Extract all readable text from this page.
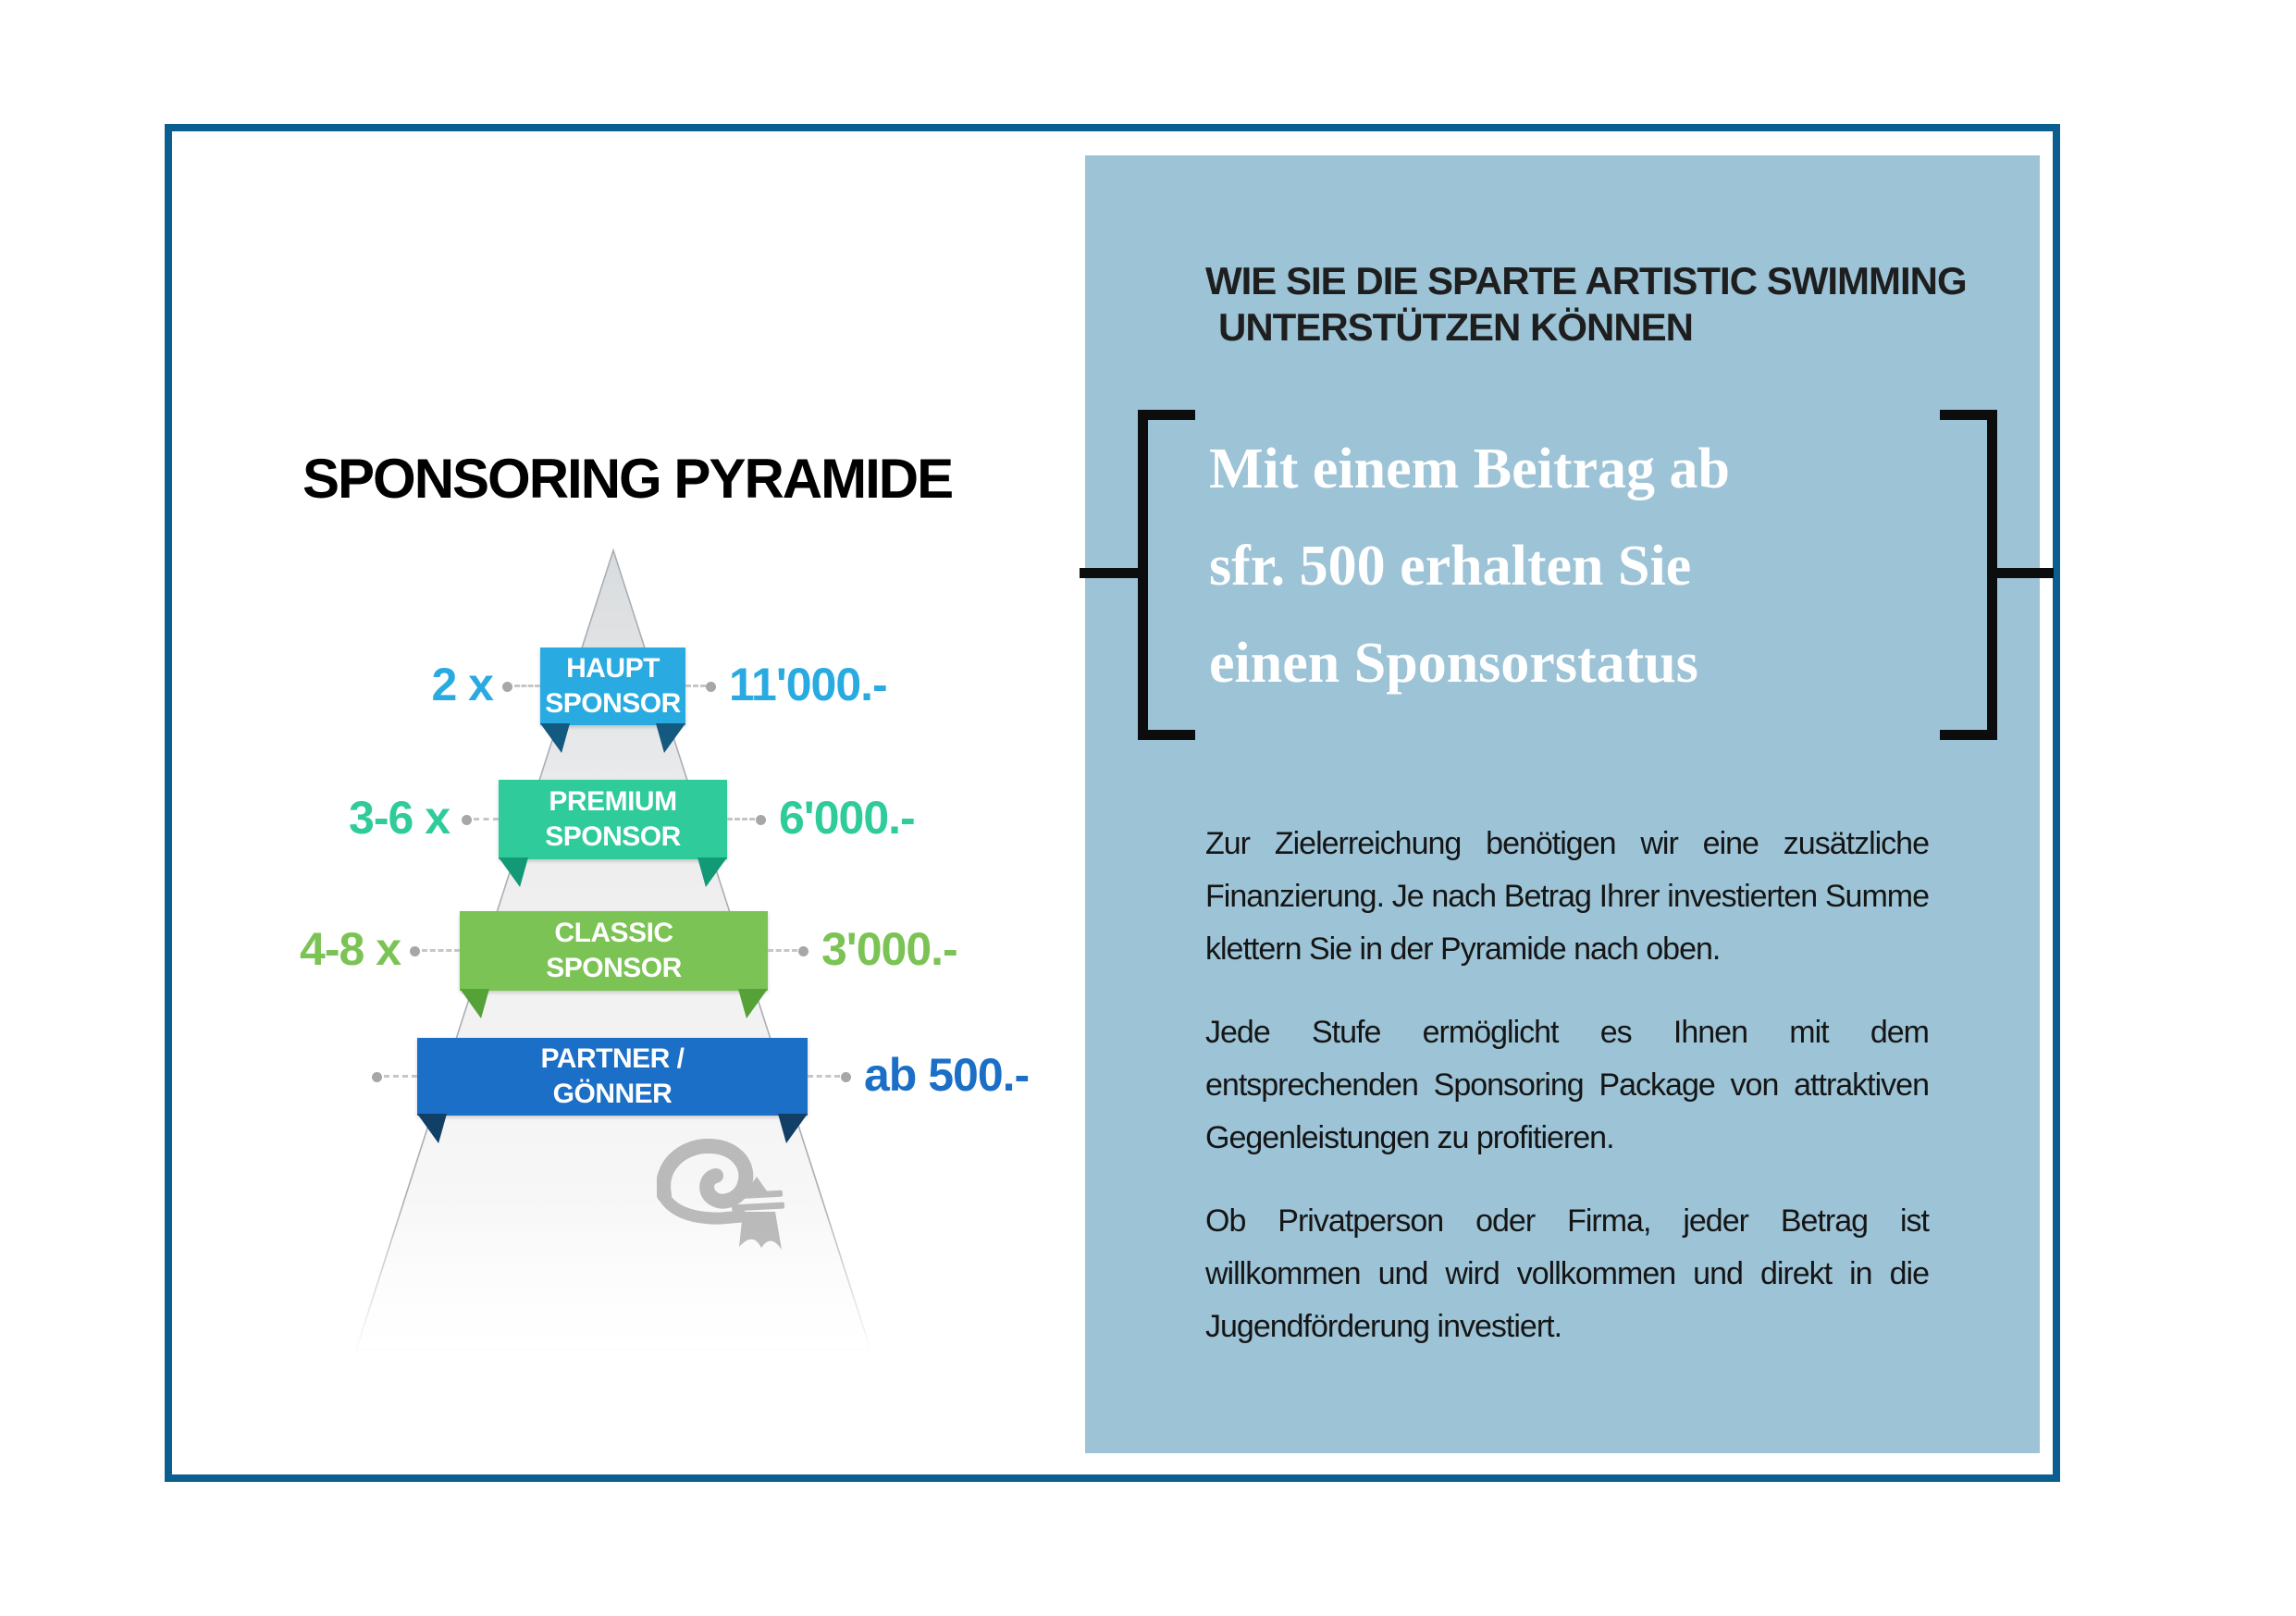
SPONSORING PYRAMIDE
HAUPT
SPONSOR
2 x	11'000.-
PREMIUM
SPONSOR
3-6 x	6'000.-
CLASSIC
SPONSOR
4-8 x	3'000.-
PARTNER /
GÖNNER	ab 500.-
WIE SIE DIE SPARTE ARTISTIC SWIMMING
UNTERSTÜTZEN KÖNNEN
Mit einem Beitrag ab
sfr. 500 erhalten Sie
einen Sponsorstatus

Zur Zielerreichung benötigen wir eine zusätzliche Finanzierung. Je nach Betrag Ihrer investierten Summe klettern Sie in der Pyramide nach oben.

Jede Stufe ermöglicht es Ihnen mit dem entsprechenden Sponsoring Package von attraktiven Gegenleistungen zu profitieren.

Ob Privatperson oder Firma, jeder Betrag ist willkommen und wird vollkommen und direkt in die Jugendförderung investiert.
